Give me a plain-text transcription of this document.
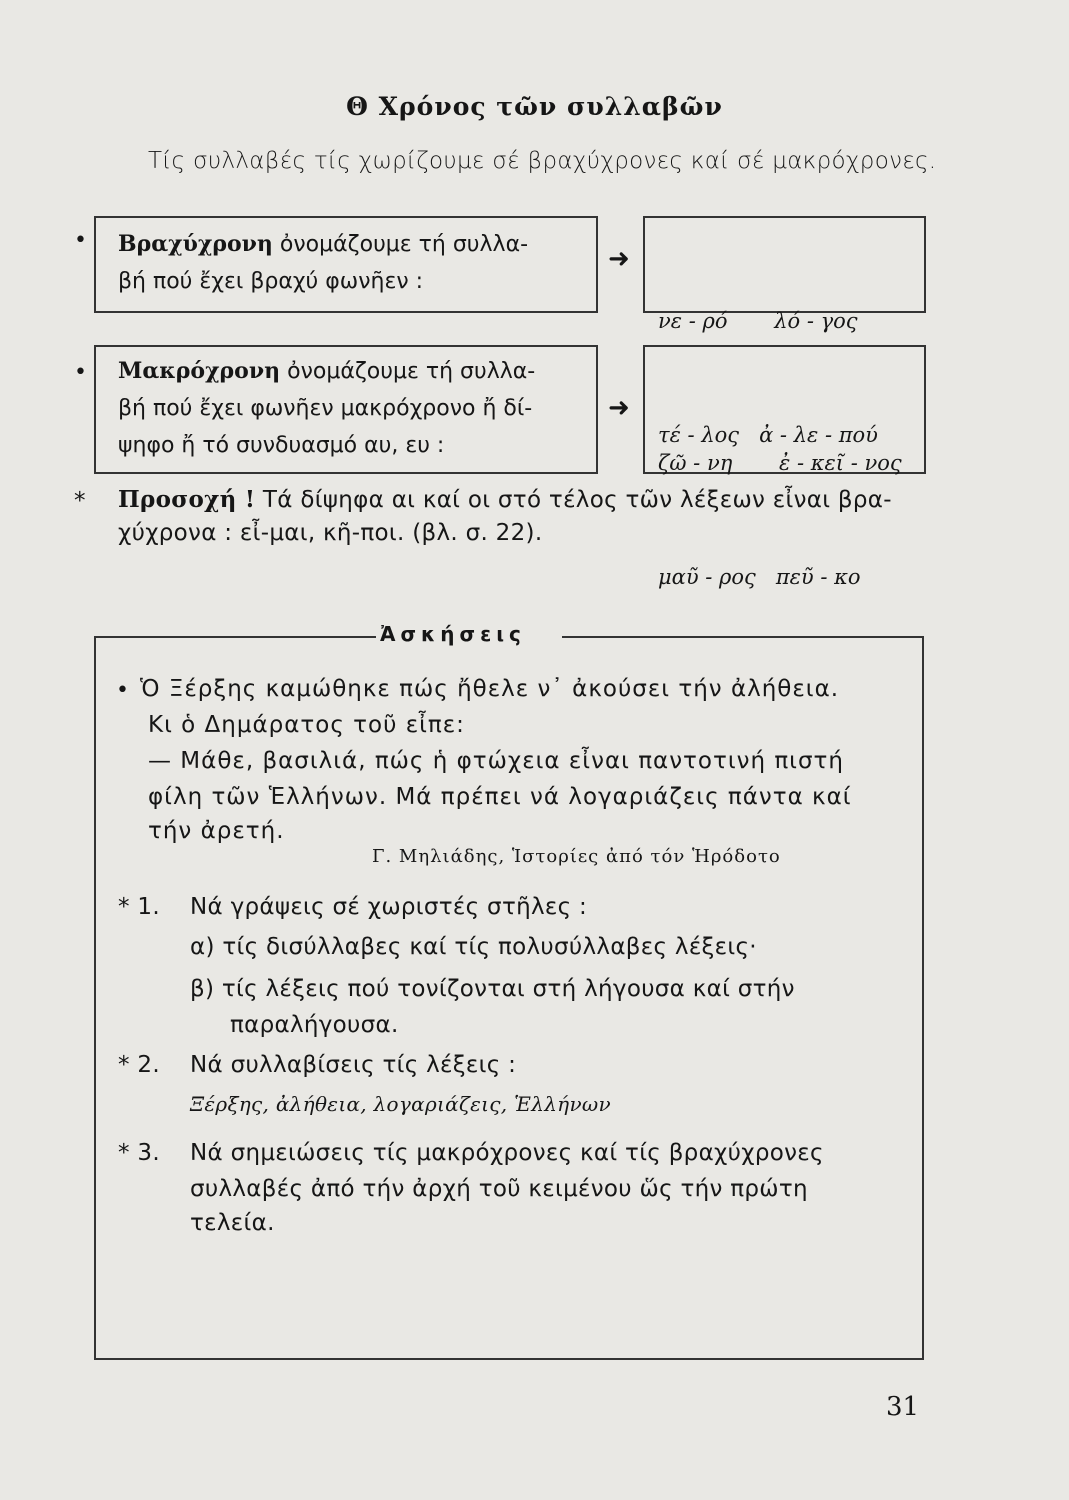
Θ Χρόνος τῶν συλλαβῶν
Τίς συλλαβές τίς χωρίζουμε σέ βραχύχρονες καί σέ μακρόχρονες.
• Βραχύχρονη ὀνομάζουμε τή συλλα-
βή πού ἔχει βραχύ φωνῆεν :
➜

νε - ρό       λό - γος

τέ - λος   ἀ - λε - πού

• Μακρόχρονη ὀνομάζουμε τή συλλα-
βή πού ἔχει φωνῆεν μακρόχρονο ἤ δί-
ψηφο ἤ τό συνδυασμό αυ, ευ :
➜

ζῶ - νη       ἐ - κεῖ - νος

μαῦ - ρος   πεῦ - κο

* Προσοχή ! Τά δίψηφα αι καί οι στό τέλος τῶν λέξεων εἶναι βρα-
χύχρονα : εἶ-μαι, κῆ-ποι. (βλ. σ. 22).
Ἀσκήσεις
• Ὁ Ξέρξης καμώθηκε πώς ἤθελε ν᾽ ἀκούσει τήν ἀλήθεια.
Κι ὁ Δημάρατος τοῦ εἶπε:
— Μάθε, βασιλιά, πώς ἡ φτώχεια εἶναι παντοτινή πιστή
φίλη τῶν Ἑλλήνων. Μά πρέπει νά λογαριάζεις πάντα καί
τήν ἀρετή.
Γ. Μηλιάδης, Ἱστορίες ἀπό τόν Ἡρόδοτο
* 1. Νά γράψεις σέ χωριστές στῆλες :
α) τίς δισύλλαβες καί τίς πολυσύλλαβες λέξεις·
β) τίς λέξεις πού τονίζονται στή λήγουσα καί στήν
παραλήγουσα.
* 2. Νά συλλαβίσεις τίς λέξεις :
Ξέρξης, ἀλήθεια, λογαριάζεις, Ἑλλήνων
* 3. Νά σημειώσεις τίς μακρόχρονες καί τίς βραχύχρονες
συλλαβές ἀπό τήν ἀρχή τοῦ κειμένου ὥς τήν πρώτη
τελεία.
31
